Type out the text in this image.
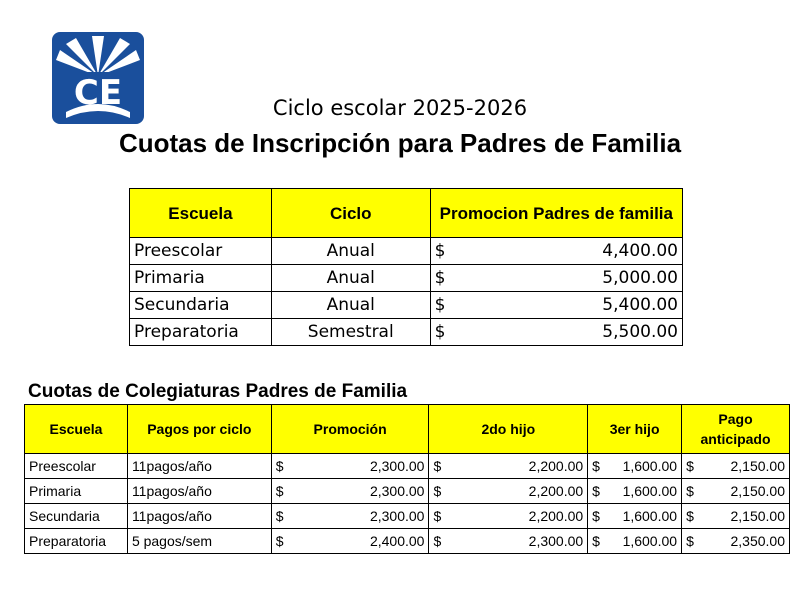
CE	Ciclo escolar 2025-2026
Cuotas de Inscripción para Padres de Familia
Escuela	Ciclo	Promocion Padres de familia
Preescolar	Anual	$ 4,400.00

Primaria	Anual	$ 5,000.00

Secundaria	Anual	$ 5,400.00

Preparatoria	Semestral	$ 5,500.00
Cuotas de Colegiaturas Padres de Familia
Escuela	Pagos por ciclo	Promoción	2do hijo	3er hijo	Pago anticipado
Preescolar	11pagos/año	$ 2,300.00	$ 2,200.00	$ 1,600.00	$ 2,150.00

Primaria	11pagos/año	$ 2,300.00	$ 2,200.00	$ 1,600.00	$ 2,150.00

Secundaria	11pagos/año	$ 2,300.00	$ 2,200.00	$ 1,600.00	$ 2,150.00

Preparatoria	5 pagos/sem	$ 2,400.00	$ 2,300.00	$ 1,600.00	$ 2,350.00
